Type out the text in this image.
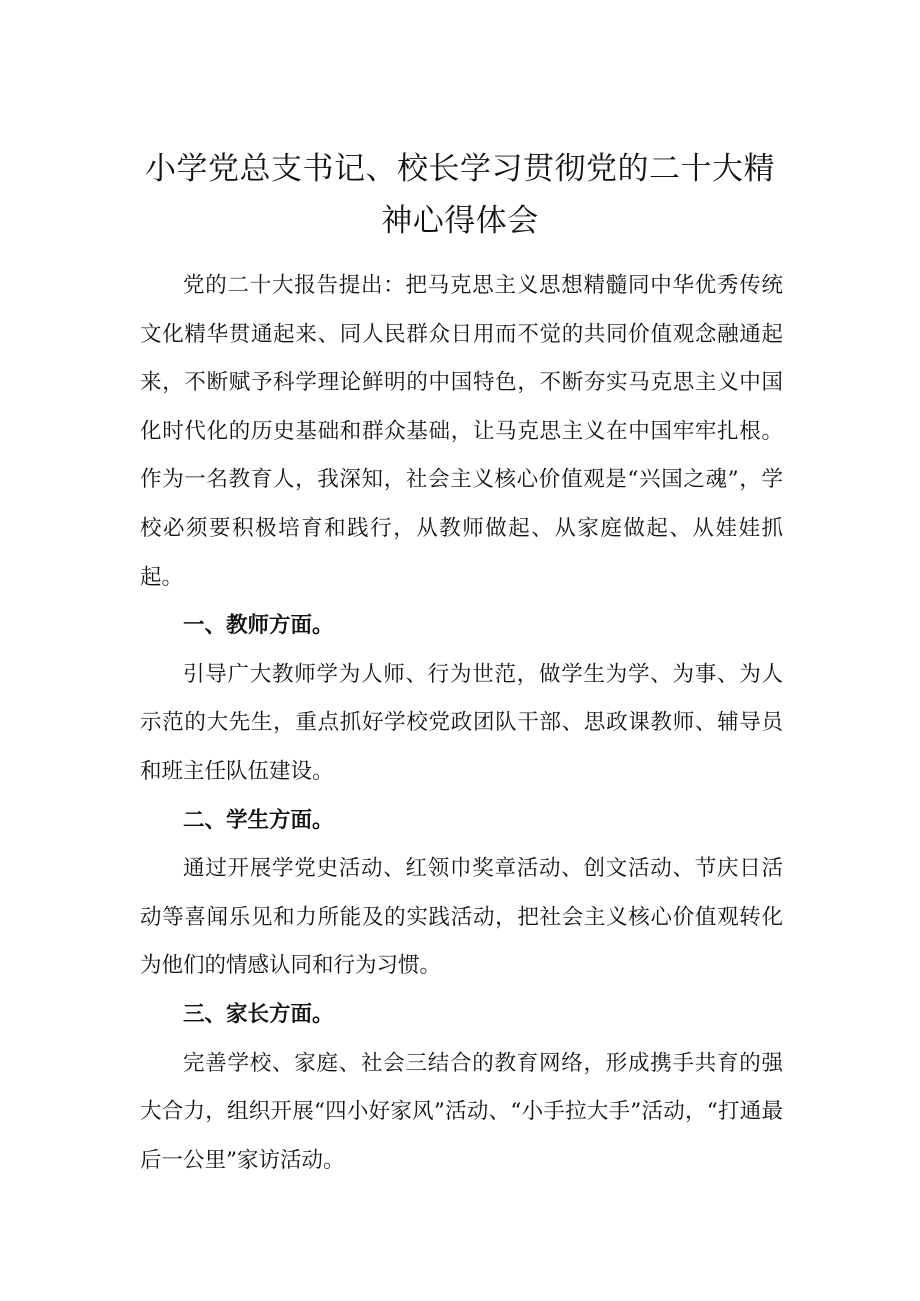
小学党总支书记、校长学习贯彻党的二十大精
神心得体会

党的二十大报告提出：把马克思主义思想精髓同中华优秀传统文化精华贯通起来、同人民群众日用而不觉的共同价值观念融通起来，不断赋予科学理论鲜明的中国特色，不断夯实马克思主义中国化时代化的历史基础和群众基础，让马克思主义在中国牢牢扎根。作为一名教育人，我深知，社会主义核心价值观是“兴国之魂”，学校必须要积极培育和践行，从教师做起、从家庭做起、从娃娃抓起。

一、教师方面。

引导广大教师学为人师、行为世范，做学生为学、为事、为人示范的大先生，重点抓好学校党政团队干部、思政课教师、辅导员和班主任队伍建设。

二、学生方面。

通过开展学党史活动、红领巾奖章活动、创文活动、节庆日活动等喜闻乐见和力所能及的实践活动，把社会主义核心价值观转化为他们的情感认同和行为习惯。

三、家长方面。

完善学校、家庭、社会三结合的教育网络，形成携手共育的强大合力，组织开展“四小好家风”活动、“小手拉大手”活动，“打通最后一公里”家访活动。
